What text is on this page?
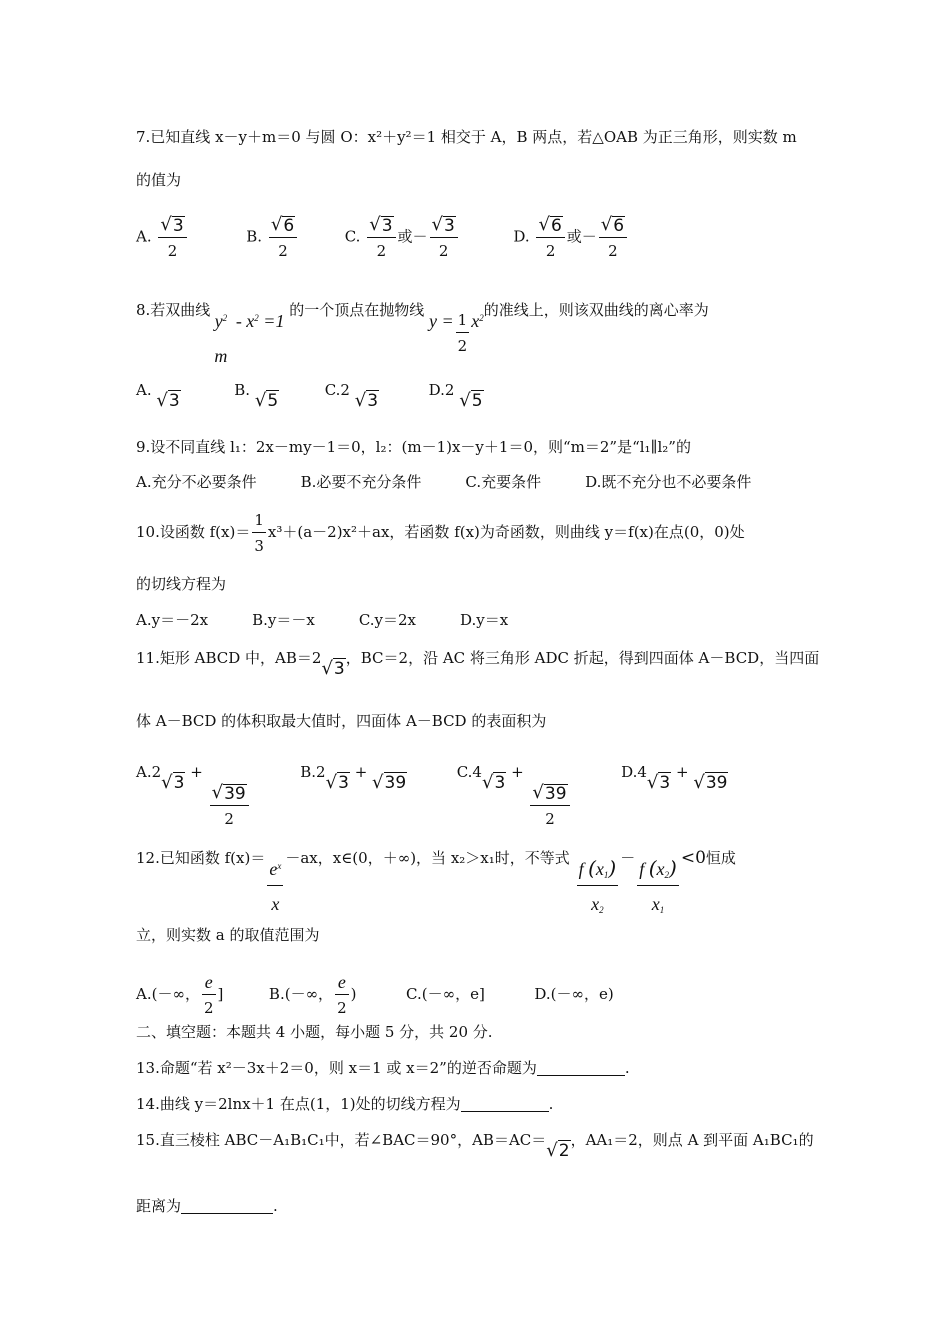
7.已知直线 x－y＋m＝0 与圆 O：x²＋y²＝1 相交于 A，B 两点，若△OAB 为正三角形，则实数 m
的值为
A. $\frac{√ 3}{2}$	B. $\frac{√ 6}{2}$	C. $\frac{√ 3}{2}$ 或－ $\frac{√ 3}{2}$	D. $\frac{√ 6}{2}$ 或－ $\frac{√ 6}{2}$
8.若双曲线
$y^2$
m
- $x^2 =1$ 的一个顶点在抛物线 $y = \frac{1}{2} x^2$的准线上，则该双曲线的离心率为
A. √3  B. √5  C.2 √3  D.2 √5
9.设不同直线 l₁：2x－my－1＝0，l₂：(m－1)x－y＋1＝0，则“m＝2”是“l₁∥l₂”的
A.充分不必要条件	B.必要不充分条件	C.充要条件	D.既不充分也不必要条件
10.设函数 $f(x)= \frac{1}{3} x^3+(a-2)x^2+ax$，若函数 f(x)为奇函数，则曲线 y＝f(x)在点(0，0)处
的切线方程为
A.y＝－2x	B.y＝－x	C.y＝2x	D.y＝x
11.矩形 ABCD 中，AB＝2√3，BC＝2，沿 AC 将三角形 ADC 折起，得到四面体 A－BCD，当四面
体 A－BCD 的体积取最大值时，四面体 A－BCD 的表面积为
A.2√3 +
$\frac{√ 39}{2}$
B.2√3 + √39  C.4√3 +
$\frac{√ 39}{2}$
D.4√3 + √39
12.已知函数 f(x)＝
$\frac{e^x}{x}$
－ax，x∈(0，＋∞)，当 x₂＞x₁时，不等式 $\frac{f (x_1)}{x_2} - \frac{f (x_2)}{x_1} <0$恒成
立，则实数 a 的取值范围为
A.(－∞， $\frac{e}{2}$ ]	B.(－∞， $\frac{e}{2}$ )	C.(－∞，e]	D.(－∞，e)
二、填空题：本题共 4 小题，每小题 5 分，共 20 分.
13.命题“若 x²－3x＋2＝0，则 x＝1 或 x＝2”的逆否命题为	.
14.曲线 y＝2lnx＋1 在点(1，1)处的切线方程为	.
15.直三棱柱 ABC－A₁B₁C₁中，若∠BAC＝90°，AB＝AC＝√2，AA₁＝2，则点 A 到平面 A₁BC₁的
距离为	.
